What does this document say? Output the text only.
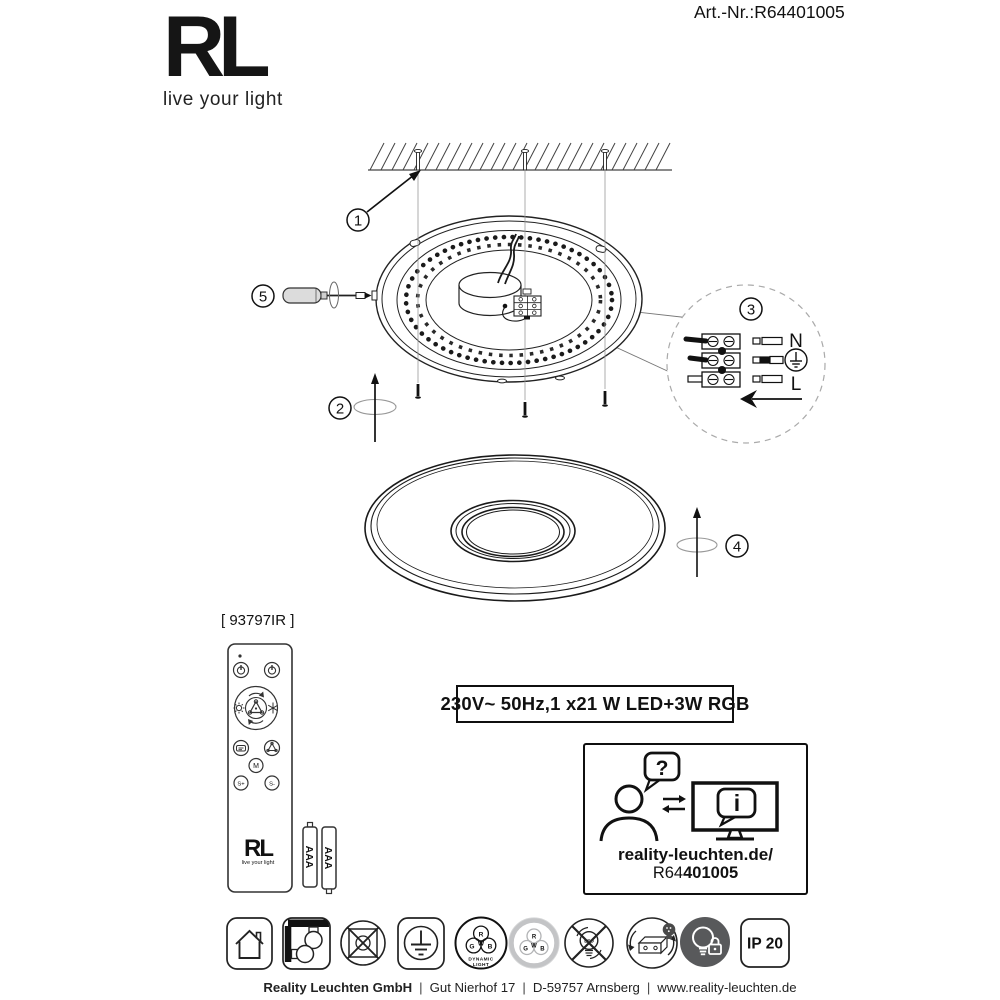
Art.-Nr.:R64401005
RL
live your light
[ 93797IR ]
230V~ 50Hz,1 x21 W LED+3W RGB
?
i
reality-leuchten.de/
R64401005
Reality Leuchten GmbH | Gut Nierhof 17 | D-59757 Arnsberg | www.reality-leuchten.de
1
5
2
3
N
L
4
M
S+	S-
RL
live your light	AAA AAA
R
G B
W
DYNAMIC
LIGHT
R
G B
W
LED	IP 20
